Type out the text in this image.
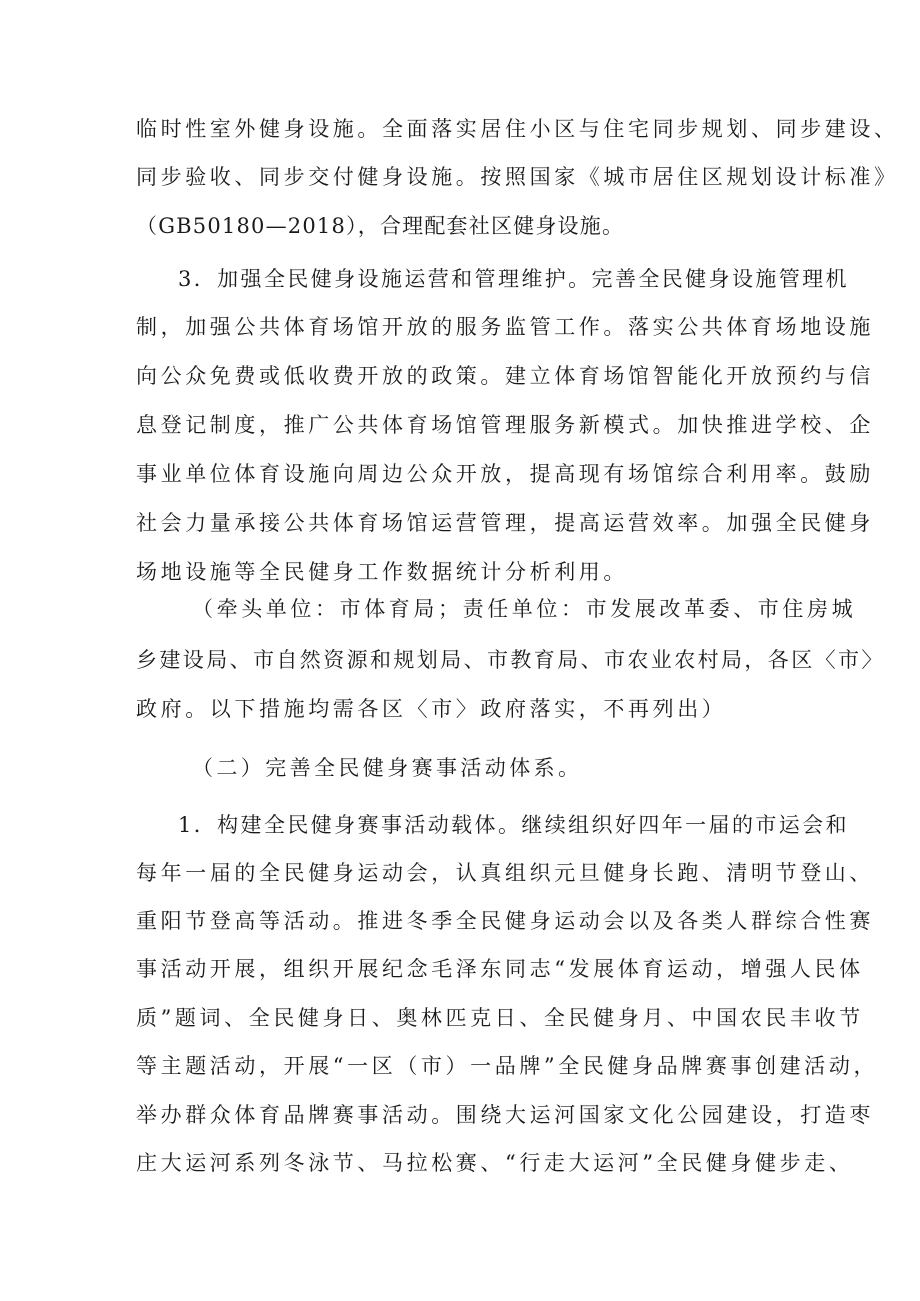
临时性室外健身设施。全面落实居住小区与住宅同步规划、同步建设、
同步验收、同步交付健身设施。按照国家《城市居住区规划设计标准》
（GB50180—2018），合理配套社区健身设施。
3．加强全民健身设施运营和管理维护。完善全民健身设施管理机
制，加强公共体育场馆开放的服务监管工作。落实公共体育场地设施
向公众免费或低收费开放的政策。建立体育场馆智能化开放预约与信
息登记制度，推广公共体育场馆管理服务新模式。加快推进学校、企
事业单位体育设施向周边公众开放，提高现有场馆综合利用率。鼓励
社会力量承接公共体育场馆运营管理，提高运营效率。加强全民健身
场地设施等全民健身工作数据统计分析利用。
（牵头单位：市体育局；责任单位：市发展改革委、市住房城
乡建设局、市自然资源和规划局、市教育局、市农业农村局，各区〈市〉
政府。以下措施均需各区〈市〉政府落实，不再列出）
（二）完善全民健身赛事活动体系。
1．构建全民健身赛事活动载体。继续组织好四年一届的市运会和
每年一届的全民健身运动会，认真组织元旦健身长跑、清明节登山、
重阳节登高等活动。推进冬季全民健身运动会以及各类人群综合性赛
事活动开展，组织开展纪念毛泽东同志“发展体育运动，增强人民体
质”题词、全民健身日、奥林匹克日、全民健身月、中国农民丰收节
等主题活动，开展“一区（市）一品牌”全民健身品牌赛事创建活动，
举办群众体育品牌赛事活动。围绕大运河国家文化公园建设，打造枣
庄大运河系列冬泳节、马拉松赛、“行走大运河”全民健身健步走、
